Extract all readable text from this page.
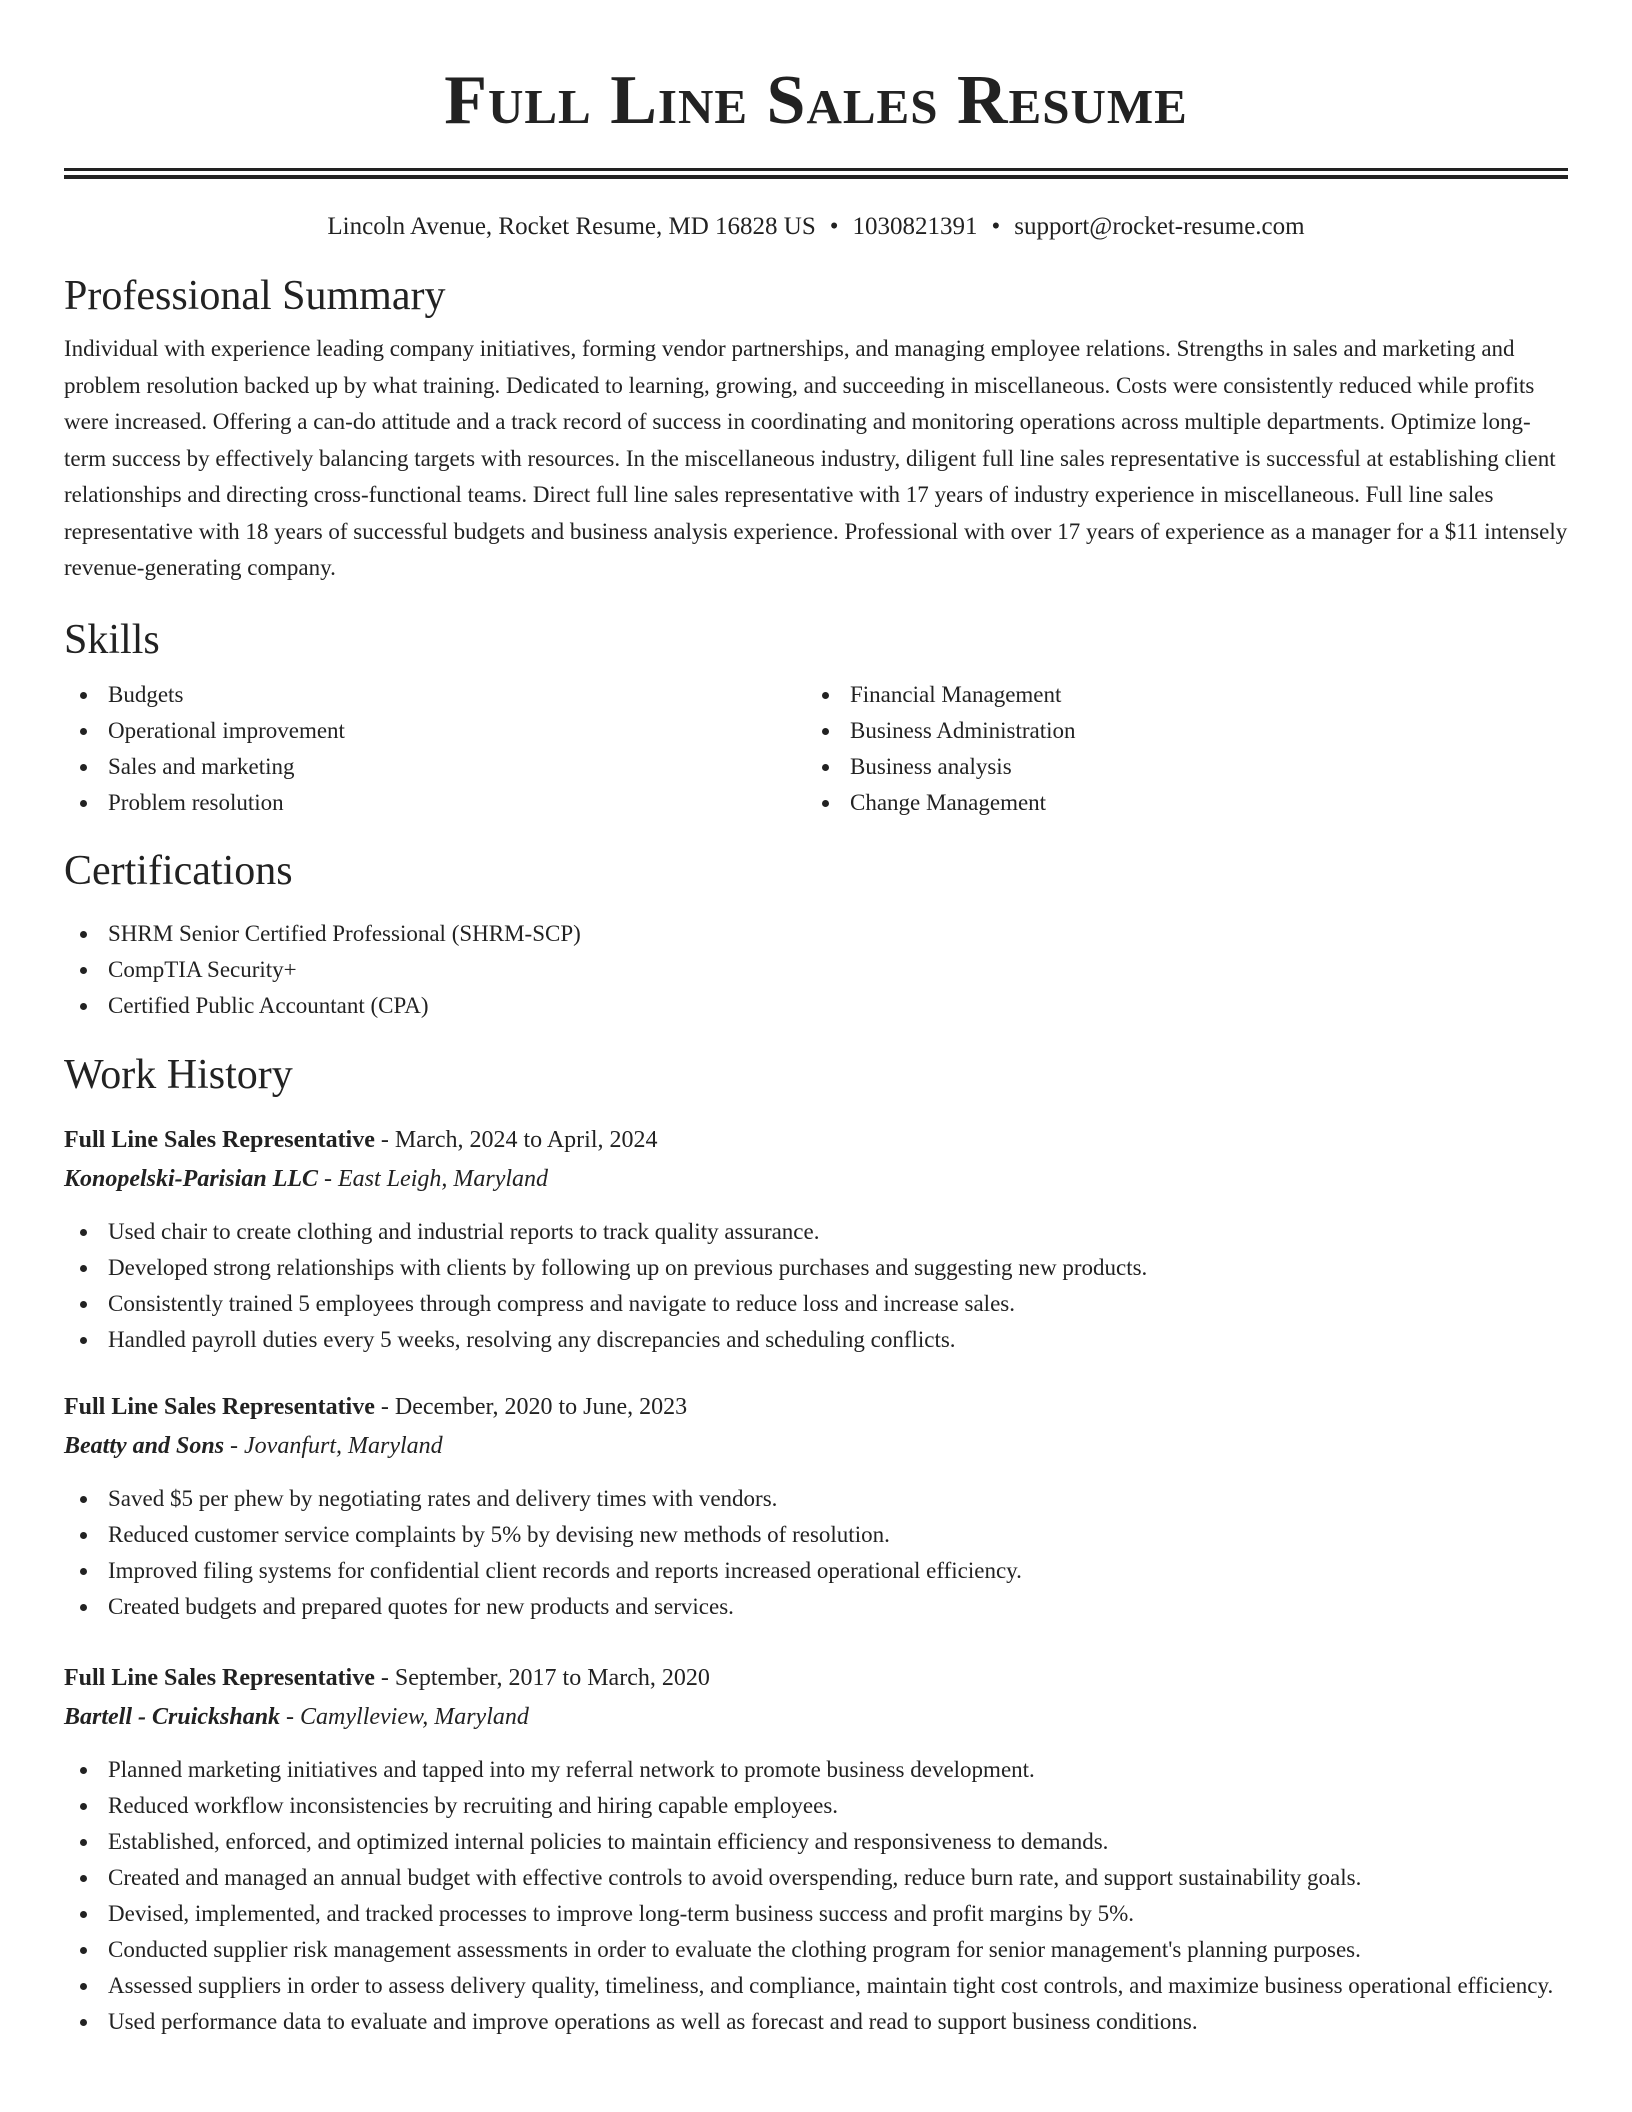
Full Line Sales Resume
Lincoln Avenue, Rocket Resume, MD 16828 US • 1030821391 • support@rocket-resume.com
Professional Summary

Individual with experience leading company initiatives, forming vendor partnerships, and managing employee relations. Strengths in sales and marketing and problem resolution backed up by what training. Dedicated to learning, growing, and succeeding in miscellaneous. Costs were consistently reduced while profits were increased. Offering a can-do attitude and a track record of success in coordinating and monitoring operations across multiple departments. Optimize long-term success by effectively balancing targets with resources. In the miscellaneous industry, diligent full line sales representative is successful at establishing client relationships and directing cross-functional teams. Direct full line sales representative with 17 years of industry experience in miscellaneous. Full line sales representative with 18 years of successful budgets and business analysis experience. Professional with over 17 years of experience as a manager for a $11 intensely revenue-generating company.

Skills
Budgets
Operational improvement
Sales and marketing
Problem resolution
Financial Management
Business Administration
Business analysis
Change Management
Certifications
SHRM Senior Certified Professional (SHRM-SCP)
CompTIA Security+
Certified Public Accountant (CPA)
Work History
Full Line Sales Representative - March, 2024 to April, 2024
Konopelski-Parisian LLC - East Leigh, Maryland
Used chair to create clothing and industrial reports to track quality assurance.
Developed strong relationships with clients by following up on previous purchases and suggesting new products.
Consistently trained 5 employees through compress and navigate to reduce loss and increase sales.
Handled payroll duties every 5 weeks, resolving any discrepancies and scheduling conflicts.
Full Line Sales Representative - December, 2020 to June, 2023
Beatty and Sons - Jovanfurt, Maryland
Saved $5 per phew by negotiating rates and delivery times with vendors.
Reduced customer service complaints by 5% by devising new methods of resolution.
Improved filing systems for confidential client records and reports increased operational efficiency.
Created budgets and prepared quotes for new products and services.
Full Line Sales Representative - September, 2017 to March, 2020
Bartell - Cruickshank - Camylleview, Maryland
Planned marketing initiatives and tapped into my referral network to promote business development.
Reduced workflow inconsistencies by recruiting and hiring capable employees.
Established, enforced, and optimized internal policies to maintain efficiency and responsiveness to demands.
Created and managed an annual budget with effective controls to avoid overspending, reduce burn rate, and support sustainability goals.
Devised, implemented, and tracked processes to improve long-term business success and profit margins by 5%.
Conducted supplier risk management assessments in order to evaluate the clothing program for senior management's planning purposes.
Assessed suppliers in order to assess delivery quality, timeliness, and compliance, maintain tight cost controls, and maximize business operational efficiency.
Used performance data to evaluate and improve operations as well as forecast and read to support business conditions.
